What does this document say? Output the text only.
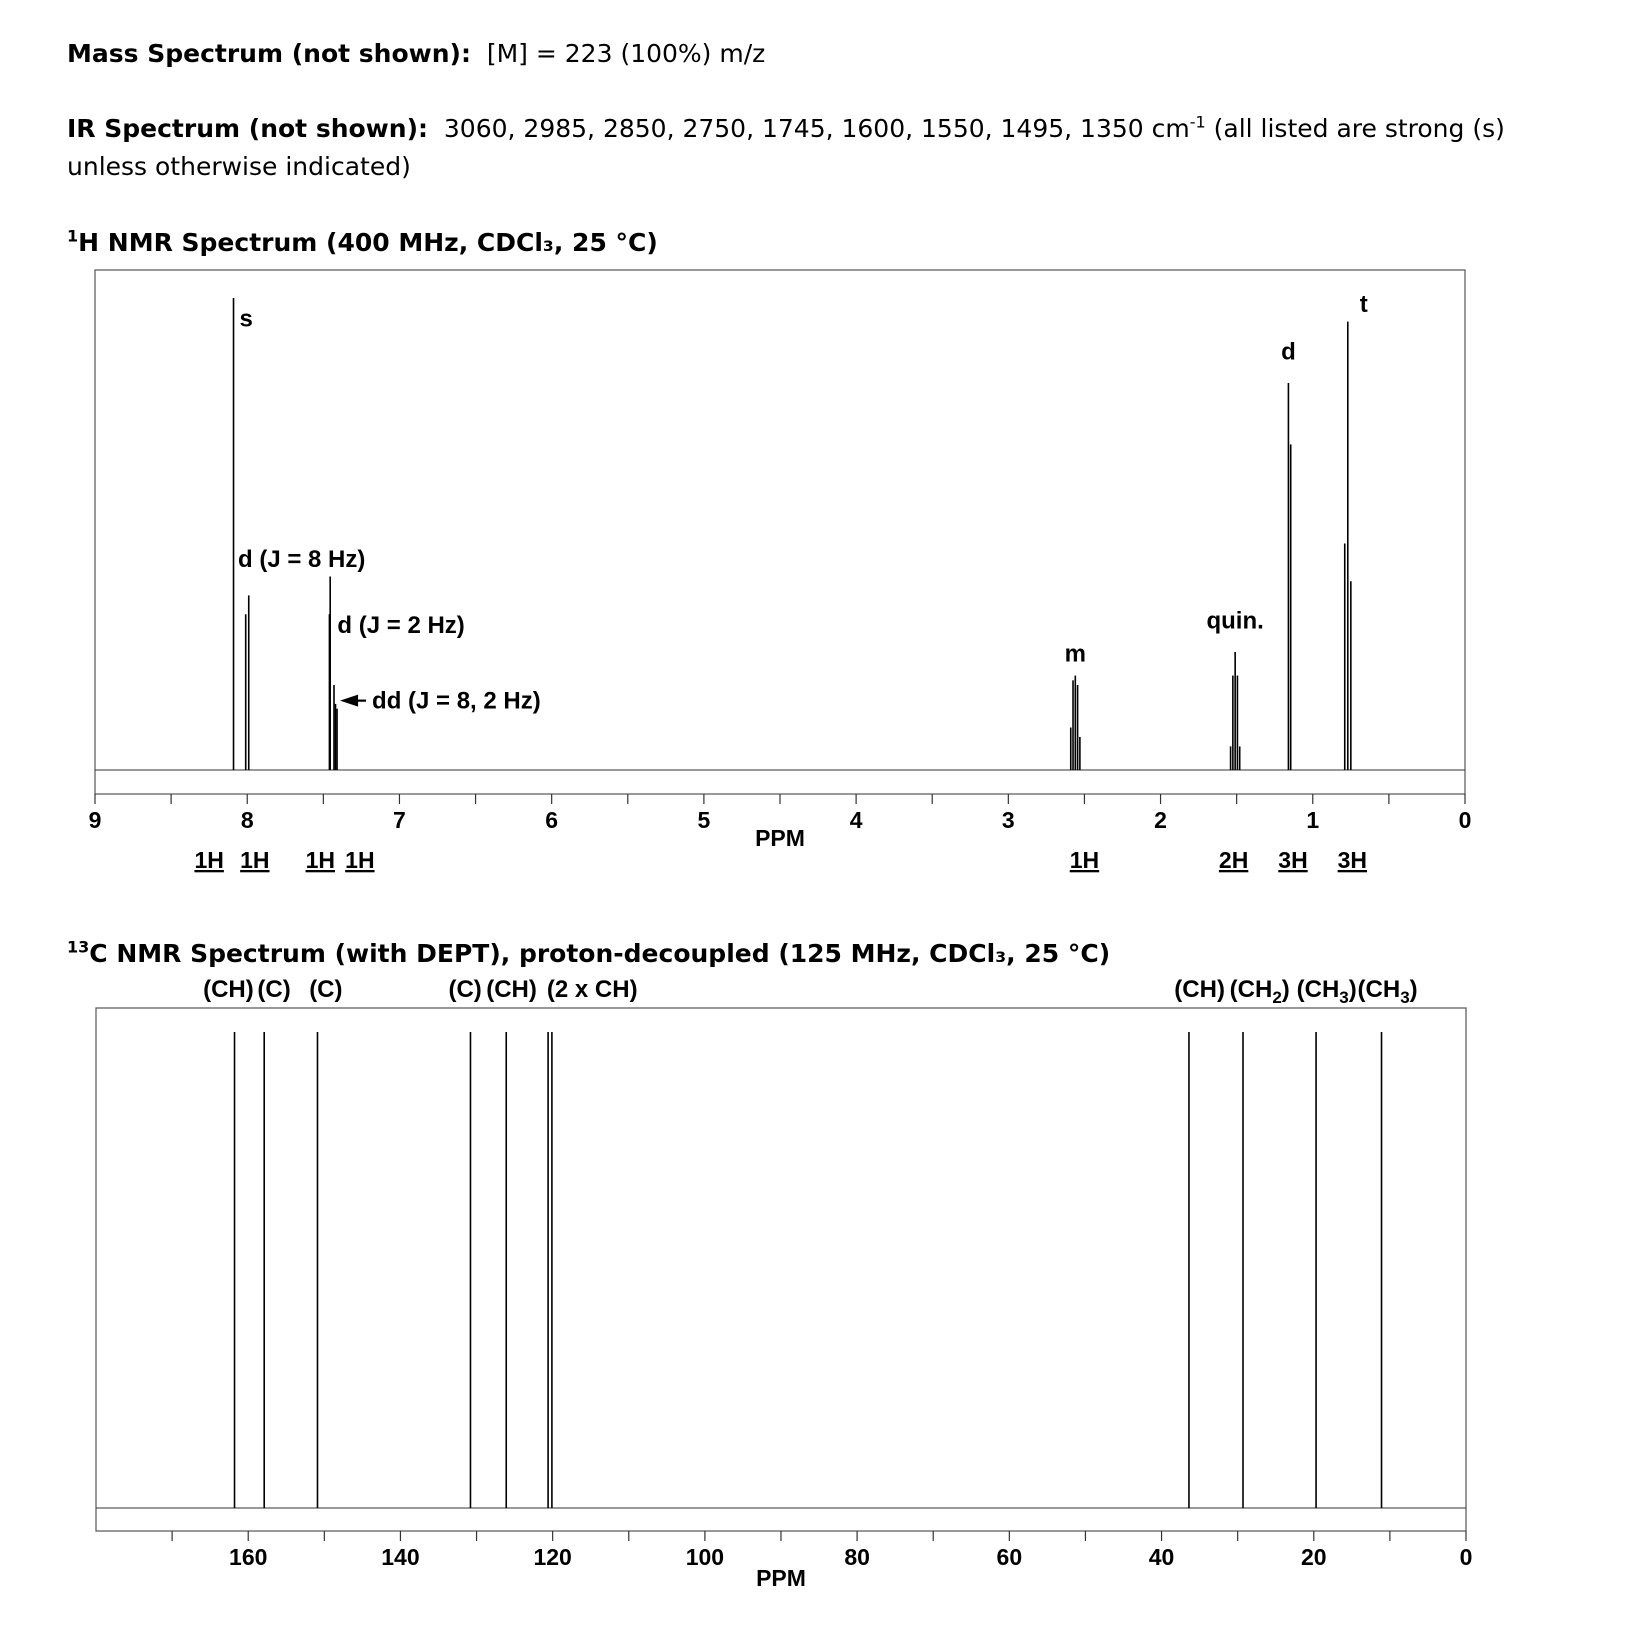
Mass Spectrum (not shown): [M] = 223 (100%) m/z
IR Spectrum (not shown): 3060, 2985, 2850, 2750, 1745, 1600, 1550, 1495, 1350 $cm^{-1}$ (all listed are strong (s) unless otherwise indicated)
$^1$H NMR Spectrum (400 MHz, CDCl₃, 25 °C)
$^{13}$C NMR Spectrum (with DEPT), proton-decoupled (125 MHz, CDCl₃, 25 °C)
9	8	7	6	5	4	3	2	1	0
PPM
s
d (J = 8 Hz)
d (J = 2 Hz)
dd (J = 8, 2 Hz)
m
quin.
d
t
1H 1H 1H 1H	1H	2H 3H 3H
160	140	120	100	80	60	40	20	0
PPM
(CH) (C) (C)	(C) (CH) (2 x CH)	(CH) $(CH_2)$ $(CH_3)$ $(CH_3)$
